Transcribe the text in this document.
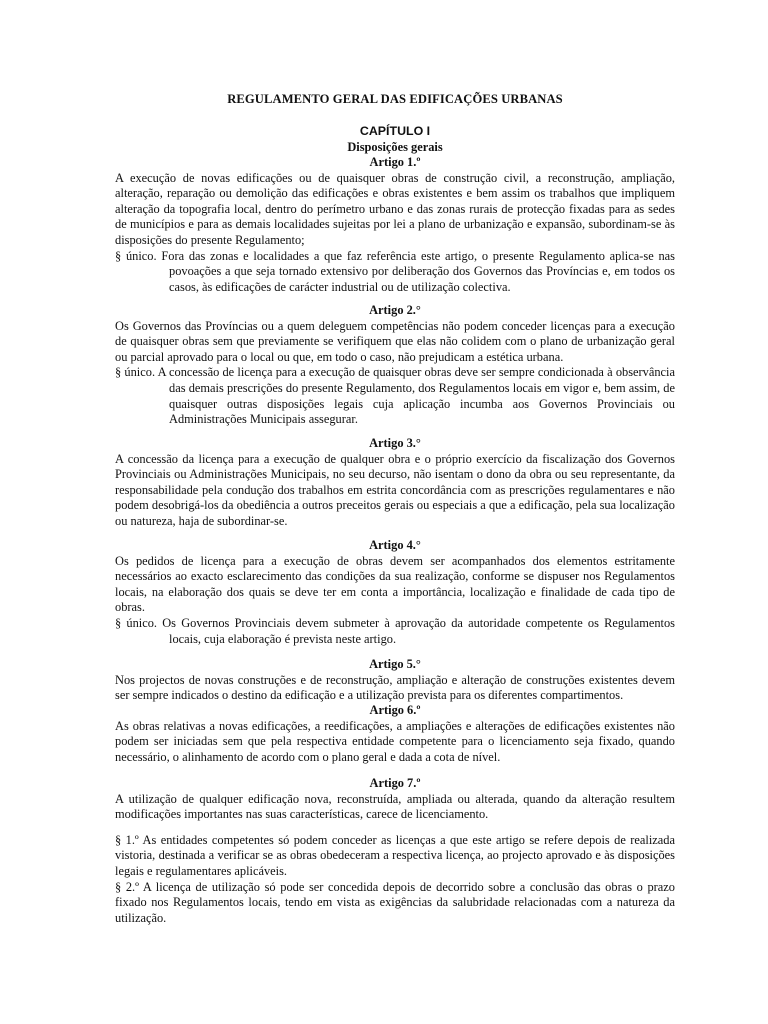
REGULAMENTO GERAL DAS EDIFICAÇÕES URBANAS
CAPÍTULO I
Disposições gerais
Artigo 1.º
A execução de novas edificações ou de quaisquer obras de construção civil, a reconstrução, ampliação, alteração, reparação ou demolição das edificações e obras existentes e bem assim os trabalhos que impliquem alteração da topografia local, dentro do perímetro urbano e das zonas rurais de protecção fixadas para as sedes de municípios e para as demais localidades sujeitas por lei a plano de urbanização e expansão, subordinam-se às disposições do presente Regulamento;
§ único. Fora das zonas e localidades a que faz referência este artigo, o presente Regulamento aplica-se nas povoações a que seja tornado extensivo por deliberação dos Governos das Províncias e, em todos os casos, às edificações de carácter industrial ou de utilização colectiva.
Artigo 2.°
Os Governos das Províncias ou a quem deleguem competências não podem conceder licenças para a execução de quaisquer obras sem que previamente se verifiquem que elas não colidem com o plano de urbanização geral ou parcial aprovado para o local ou que, em todo o caso, não prejudicam a estética urbana.
§ único. A concessão de licença para a execução de quaisquer obras deve ser sempre condicionada à observância das demais prescrições do presente Regulamento, dos Regulamentos locais em vigor e, bem assim, de quaisquer outras disposições legais cuja aplicação incumba aos Governos Provinciais ou Administrações Municipais assegurar.
Artigo 3.°
A concessão da licença para a execução de qualquer obra e o próprio exercício da fiscalização dos Governos Provinciais ou Administrações Municipais, no seu decurso, não isentam o dono da obra ou seu representante, da responsabilidade pela condução dos trabalhos em estrita concordância com as prescrições regulamentares e não podem desobrigá-los da obediência a outros preceitos gerais ou especiais a que a edificação, pela sua localização ou natureza, haja de subordinar-se.
Artigo 4.°
Os pedidos de licença para a execução de obras devem ser acompanhados dos elementos estritamente necessários ao exacto esclarecimento das condições da sua realização, conforme se dispuser nos Regulamentos locais, na elaboração dos quais se deve ter em conta a importância, localização e finalidade de cada tipo de obras.
§ único. Os Governos Provinciais devem submeter à aprovação da autoridade competente os Regulamentos locais, cuja elaboração é prevista neste artigo.
Artigo 5.°
Nos projectos de novas construções e de reconstrução, ampliação e alteração de construções existentes devem ser sempre indicados o destino da edificação e a utilização prevista para os diferentes compartimentos.
Artigo 6.º
As obras relativas a novas edificações, a reedificações, a ampliações e alterações de edificações existentes não podem ser iniciadas sem que pela respectiva entidade competente para o licenciamento seja fixado, quando necessário, o alinhamento de acordo com o plano geral e dada a cota de nível.
Artigo 7.º
A utilização de qualquer edificação nova, reconstruída, ampliada ou alterada, quando da alteração resultem modificações importantes nas suas características, carece de licenciamento.
§ 1.º As entidades competentes só podem conceder as licenças a que este artigo se refere depois de realizada vistoria, destinada a verificar se as obras obedeceram a respectiva licença, ao projecto aprovado e às disposições legais e regulamentares aplicáveis.
§ 2.º A licença de utilização só pode ser concedida depois de decorrido sobre a conclusão das obras o prazo fixado nos Regulamentos locais, tendo em vista as exigências da salubridade relacionadas com a natureza da utilização.
